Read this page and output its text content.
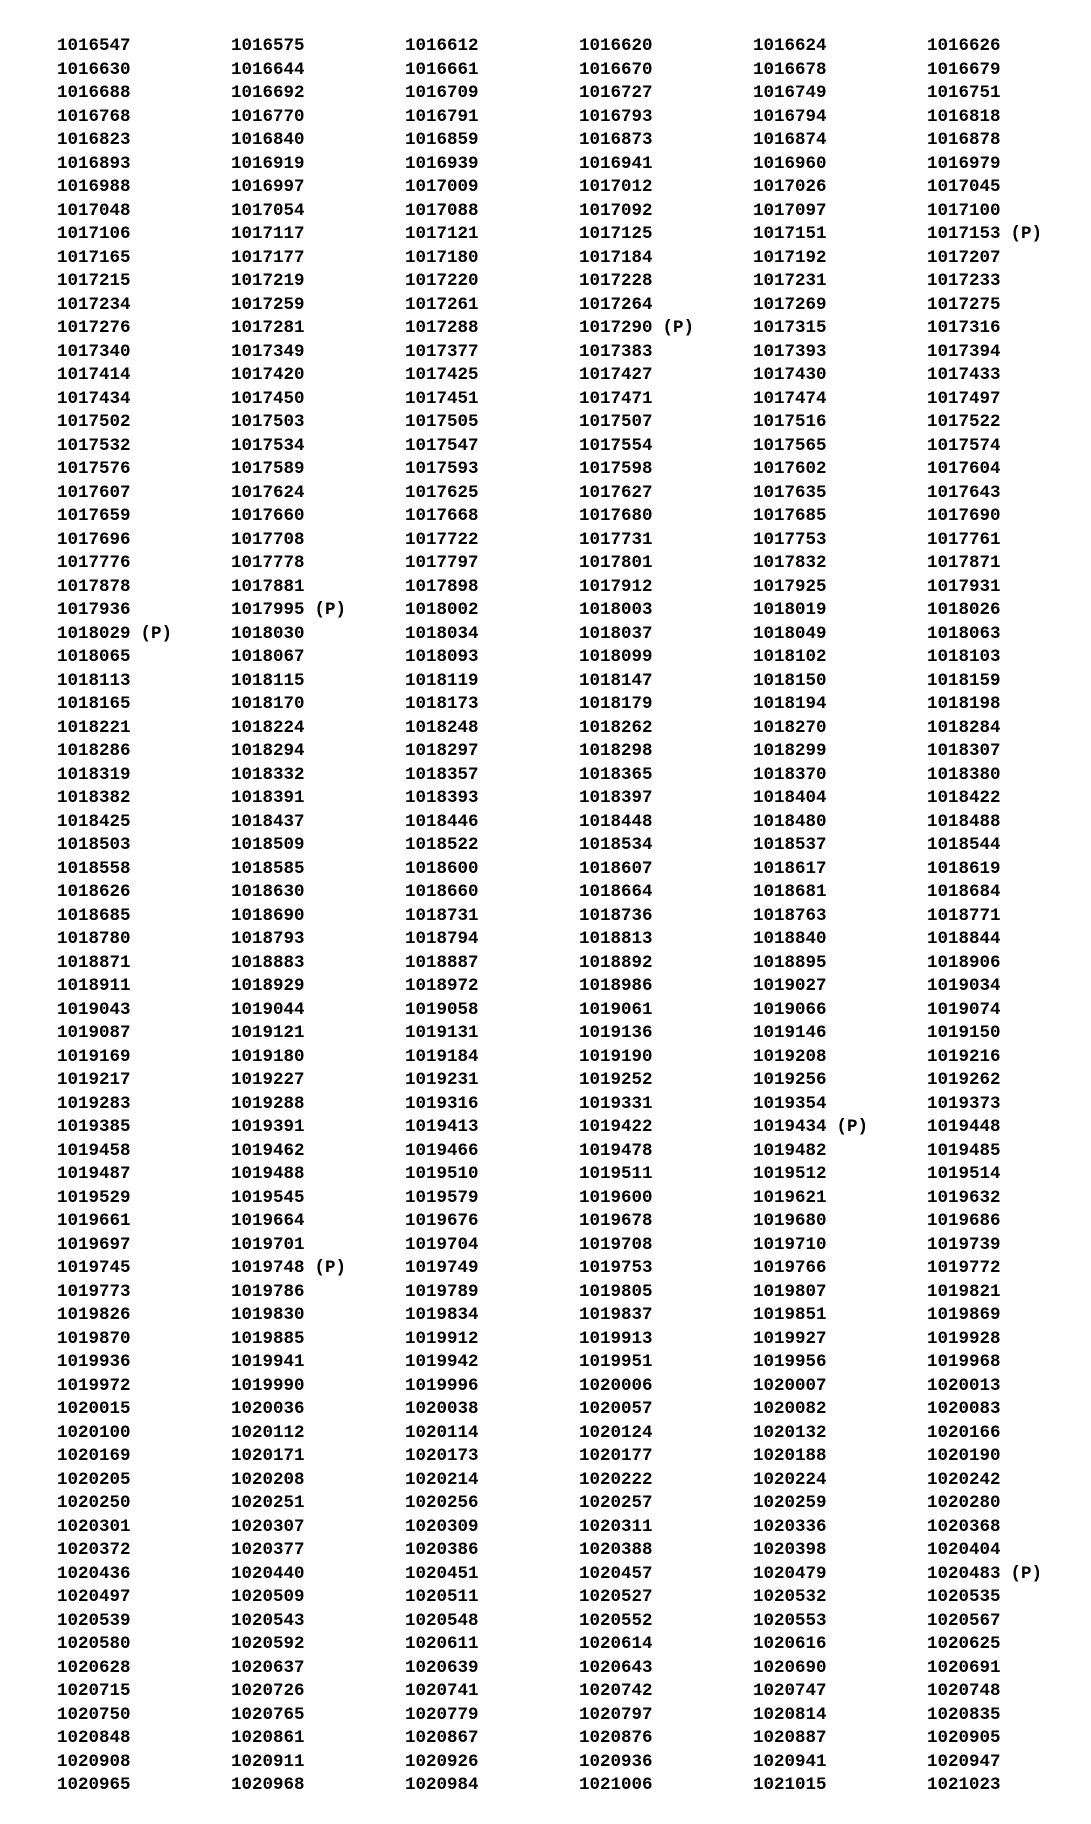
1016547	1016575	1016612	1016620	1016624	1016626
1016630	1016644	1016661	1016670	1016678	1016679
1016688	1016692	1016709	1016727	1016749	1016751
1016768	1016770	1016791	1016793	1016794	1016818
1016823	1016840	1016859	1016873	1016874	1016878
1016893	1016919	1016939	1016941	1016960	1016979
1016988	1016997	1017009	1017012	1017026	1017045
1017048	1017054	1017088	1017092	1017097	1017100
1017106	1017117	1017121	1017125	1017151	1017153 (P)
1017165	1017177	1017180	1017184	1017192	1017207
1017215	1017219	1017220	1017228	1017231	1017233
1017234	1017259	1017261	1017264	1017269	1017275
1017276	1017281	1017288	1017290 (P)	1017315	1017316
1017340	1017349	1017377	1017383	1017393	1017394
1017414	1017420	1017425	1017427	1017430	1017433
1017434	1017450	1017451	1017471	1017474	1017497
1017502	1017503	1017505	1017507	1017516	1017522
1017532	1017534	1017547	1017554	1017565	1017574
1017576	1017589	1017593	1017598	1017602	1017604
1017607	1017624	1017625	1017627	1017635	1017643
1017659	1017660	1017668	1017680	1017685	1017690
1017696	1017708	1017722	1017731	1017753	1017761
1017776	1017778	1017797	1017801	1017832	1017871
1017878	1017881	1017898	1017912	1017925	1017931
1017936	1017995 (P)	1018002	1018003	1018019	1018026
1018029 (P)	1018030	1018034	1018037	1018049	1018063
1018065	1018067	1018093	1018099	1018102	1018103
1018113	1018115	1018119	1018147	1018150	1018159
1018165	1018170	1018173	1018179	1018194	1018198
1018221	1018224	1018248	1018262	1018270	1018284
1018286	1018294	1018297	1018298	1018299	1018307
1018319	1018332	1018357	1018365	1018370	1018380
1018382	1018391	1018393	1018397	1018404	1018422
1018425	1018437	1018446	1018448	1018480	1018488
1018503	1018509	1018522	1018534	1018537	1018544
1018558	1018585	1018600	1018607	1018617	1018619
1018626	1018630	1018660	1018664	1018681	1018684
1018685	1018690	1018731	1018736	1018763	1018771
1018780	1018793	1018794	1018813	1018840	1018844
1018871	1018883	1018887	1018892	1018895	1018906
1018911	1018929	1018972	1018986	1019027	1019034
1019043	1019044	1019058	1019061	1019066	1019074
1019087	1019121	1019131	1019136	1019146	1019150
1019169	1019180	1019184	1019190	1019208	1019216
1019217	1019227	1019231	1019252	1019256	1019262
1019283	1019288	1019316	1019331	1019354	1019373
1019385	1019391	1019413	1019422	1019434 (P)	1019448
1019458	1019462	1019466	1019478	1019482	1019485
1019487	1019488	1019510	1019511	1019512	1019514
1019529	1019545	1019579	1019600	1019621	1019632
1019661	1019664	1019676	1019678	1019680	1019686
1019697	1019701	1019704	1019708	1019710	1019739
1019745	1019748 (P)	1019749	1019753	1019766	1019772
1019773	1019786	1019789	1019805	1019807	1019821
1019826	1019830	1019834	1019837	1019851	1019869
1019870	1019885	1019912	1019913	1019927	1019928
1019936	1019941	1019942	1019951	1019956	1019968
1019972	1019990	1019996	1020006	1020007	1020013
1020015	1020036	1020038	1020057	1020082	1020083
1020100	1020112	1020114	1020124	1020132	1020166
1020169	1020171	1020173	1020177	1020188	1020190
1020205	1020208	1020214	1020222	1020224	1020242
1020250	1020251	1020256	1020257	1020259	1020280
1020301	1020307	1020309	1020311	1020336	1020368
1020372	1020377	1020386	1020388	1020398	1020404
1020436	1020440	1020451	1020457	1020479	1020483 (P)
1020497	1020509	1020511	1020527	1020532	1020535
1020539	1020543	1020548	1020552	1020553	1020567
1020580	1020592	1020611	1020614	1020616	1020625
1020628	1020637	1020639	1020643	1020690	1020691
1020715	1020726	1020741	1020742	1020747	1020748
1020750	1020765	1020779	1020797	1020814	1020835
1020848	1020861	1020867	1020876	1020887	1020905
1020908	1020911	1020926	1020936	1020941	1020947
1020965	1020968	1020984	1021006	1021015	1021023
